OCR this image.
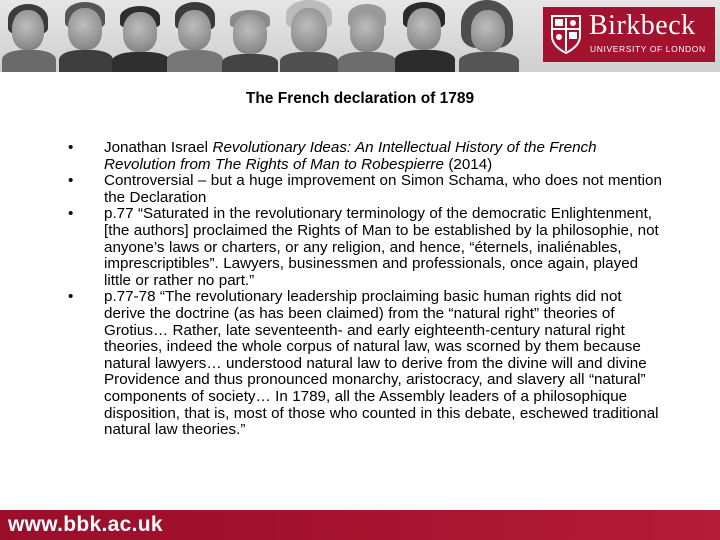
Birkbeck
UNIVERSITY OF LONDON
The French declaration of 1789
• Jonathan Israel Revolutionary Ideas: An Intellectual History of the French Revolution from The Rights of Man to Robespierre (2014)
• Controversial – but a huge improvement on Simon Schama, who does not mention the Declaration
• p.77 “Saturated in the revolutionary terminology of the democratic Enlightenment, [the authors] proclaimed the Rights of Man to be established by la philosophie, not anyone’s laws or charters, or any religion, and hence, “éternels, inaliénables, imprescriptibles”. Lawyers, businessmen and professionals, once again, played little or rather no part.”
• p.77-78 “The revolutionary leadership proclaiming basic human rights did not derive the doctrine (as has been claimed) from the “natural right” theories of Grotius… Rather, late seventeenth- and early eighteenth-century natural right theories, indeed the whole corpus of natural law, was scorned by them because natural lawyers… understood natural law to derive from the divine will and divine Providence and thus pronounced monarchy, aristocracy, and slavery all “natural” components of society… In 1789, all the Assembly leaders of a philosophique disposition, that is, most of those who counted in this debate, eschewed traditional natural law theories.”
www.bbk.ac.uk
